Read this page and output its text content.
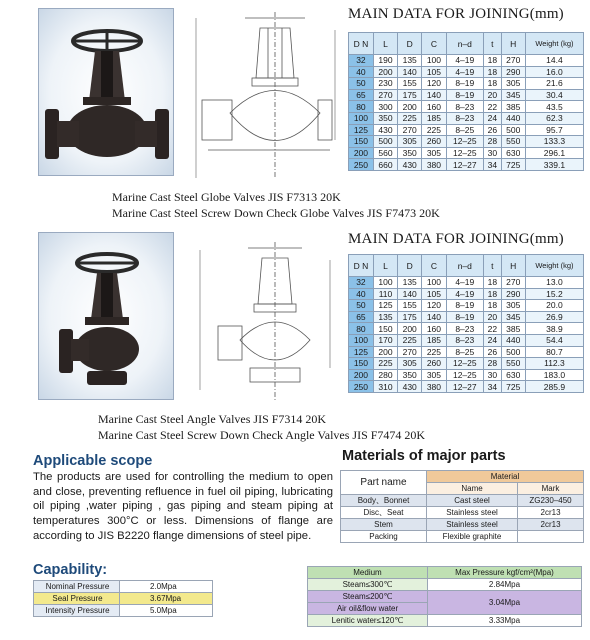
MAIN DATA FOR JOINING(mm)
D N	L	D	C	n–d	t	H	Weight (kg)
32	190	135	100	4–19	18	270	14.4
40	200	140	105	4–19	18	290	16.0
50	230	155	120	8–19	18	305	21.6
65	270	175	140	8–19	20	345	30.4
80	300	200	160	8–23	22	385	43.5
100	350	225	185	8–23	24	440	62.3
125	430	270	225	8–25	26	500	95.7
150	500	305	260	12–25	28	550	133.3
200	560	350	305	12–25	30	630	296.1
250	660	430	380	12–27	34	725	339.1
Marine Cast Steel Globe Valves JIS F7313 20K
Marine Cast Steel Screw Down Check Globe Valves JIS F7473 20K
MAIN DATA FOR JOINING(mm)
D N	L	D	C	n–d	t	H	Weight (kg)
32	100	135	100	4–19	18	270	13.0
40	110	140	105	4–19	18	290	15.2
50	125	155	120	8–19	18	305	20.0
65	135	175	140	8–19	20	345	26.9
80	150	200	160	8–23	22	385	38.9
100	170	225	185	8–23	24	440	54.4
125	200	270	225	8–25	26	500	80.7
150	225	305	260	12–25	28	550	112.3
200	280	350	305	12–25	30	630	183.0
250	310	430	380	12–27	34	725	285.9
Marine Cast Steel Angle Valves JIS F7314 20K
Marine Cast Steel Screw Down Check Angle Valves JIS F7474 20K
Applicable scope
The products are used for controlling the medium to open and close, preventing refluence in fuel oil piping, lubricating oil piping ,water piping , gas piping and steam piping at temperatures 300°C or less. Dimensions of flange are according to JIS B2220 flange dimensions of steel pipe.
Materials of major parts
Part name	Material	
	Name	Mark
Body、Bonnet	Cast steel	ZG230–450
Disc、Seat	Stainless steel	2cr13
Stem	Stainless steel	2cr13
Packing	Flexible graphite	
Capability:
Nominal Pressure	2.0Mpa
Seal Pressure	3.67Mpa
Intensity Pressure	5.0Mpa
Medium	Max Pressure kgf/cm²(Mpa)
Steam≤300℃	2.84Mpa
Steam≤200℃	3.04Mpa
Air oil&flow water	
Lenitic water≤120℃	3.33Mpa
